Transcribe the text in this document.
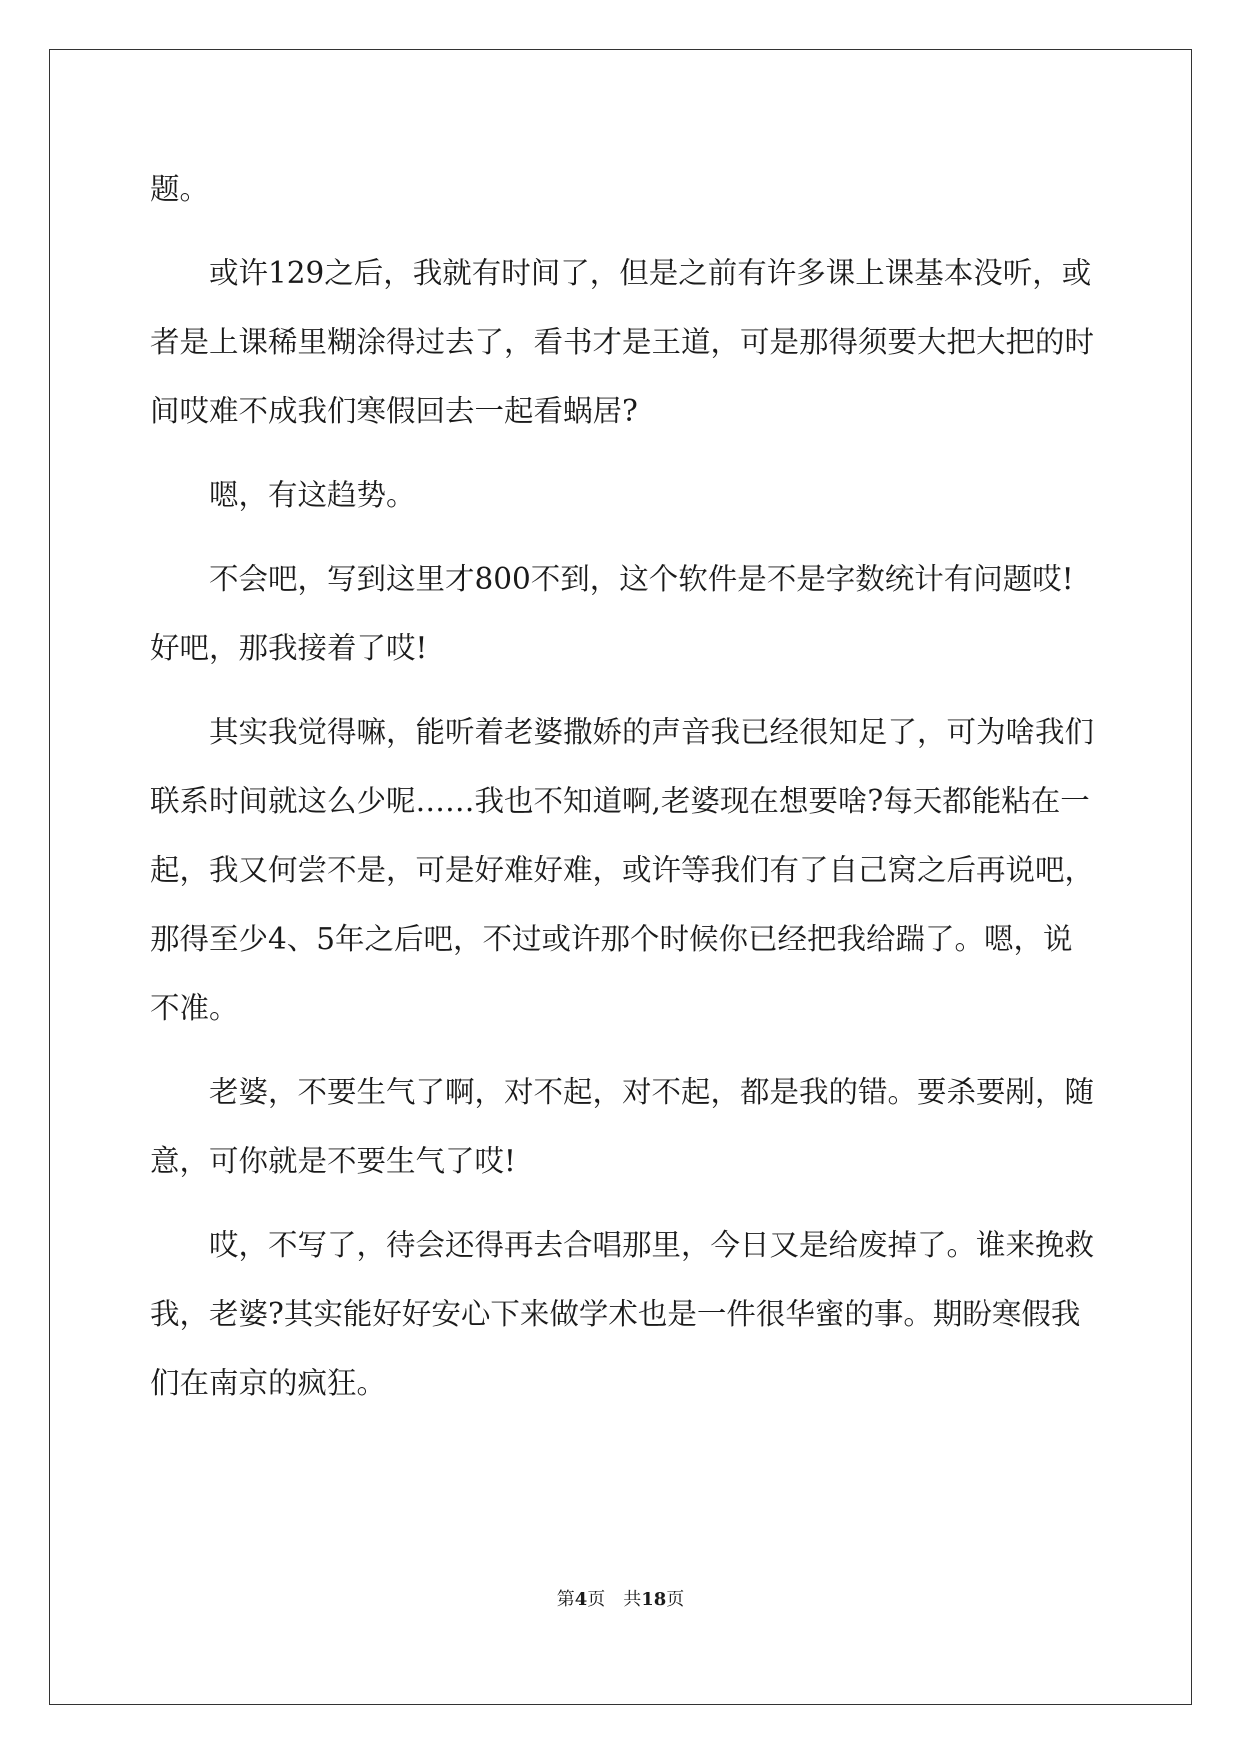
题。

或许129之后，我就有时间了，但是之前有许多课上课基本没听，或者是上课稀里糊涂得过去了，看书才是王道，可是那得须要大把大把的时间哎难不成我们寒假回去一起看蜗居?

嗯，有这趋势。

不会吧，写到这里才800不到，这个软件是不是字数统计有问题哎!好吧，那我接着了哎!

其实我觉得嘛，能听着老婆撒娇的声音我已经很知足了，可为啥我们联系时间就这么少呢……我也不知道啊,老婆现在想要啥?每天都能粘在一起，我又何尝不是，可是好难好难，或许等我们有了自己窝之后再说吧，那得至少4、5年之后吧，不过或许那个时候你已经把我给踹了。嗯，说不准。

老婆，不要生气了啊，对不起，对不起，都是我的错。要杀要剐，随意，可你就是不要生气了哎!

哎，不写了，待会还得再去合唱那里，今日又是给废掉了。谁来挽救我，老婆?其实能好好安心下来做学术也是一件很华蜜的事。期盼寒假我们在南京的疯狂。

第4页 共18页
